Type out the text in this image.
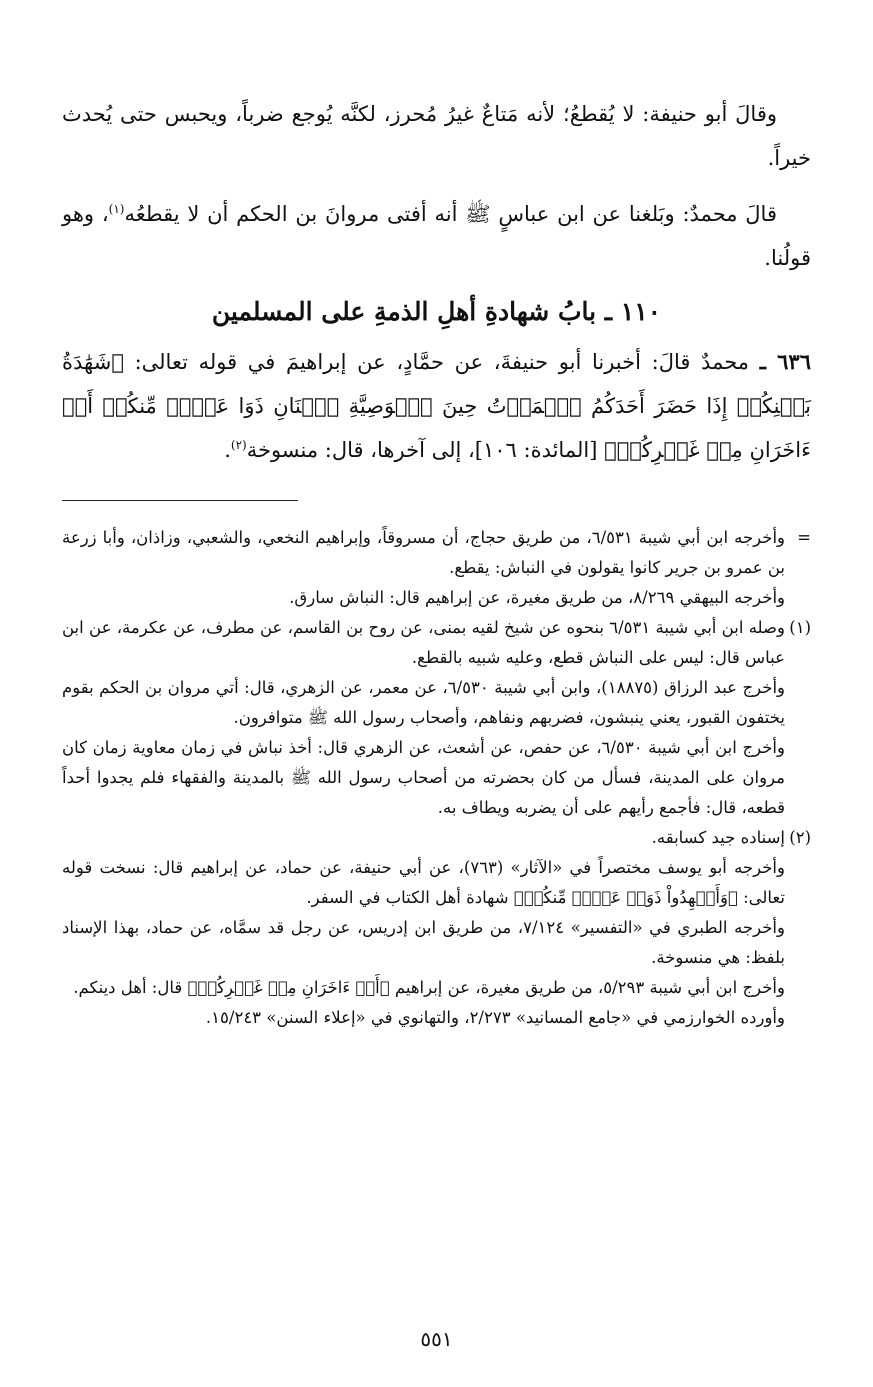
وقالَ أبو حنيفة: لا يُقطعُ؛ لأنه مَتاعٌ غيرُ مُحرز، لكنَّه يُوجع ضرباً، ويحبس حتى يُحدث خيراً.

قالَ محمدٌ: وبَلغنا عن ابن عباسٍ ﷺ أنه أفتى مروانَ بن الحكم أن لا يقطعُه$^{(١)}$، وهو قولُنا.

١١٠ ـ بابُ شهادةِ أهلِ الذمةِ على المسلمين

٦٣٦ ـ محمدٌ قالَ: أخبرنا أبو حنيفةَ، عن حمَّادٍ، عن إبراهيمَ في قوله تعالى: ﴿شَهَٰدَةُ بَيۡنِكُمۡ إِذَا حَضَرَ أَحَدَكُمُ ٱلۡمَوۡتُ حِينَ ٱلۡوَصِيَّةِ ٱثۡنَانِ ذَوَا عَدۡلٖ مِّنكُمۡ أَوۡ ءَاخَرَانِ مِنۡ غَيۡرِكُمۡ﴾ [المائدة: ١٠٦]، إلى آخرها، قال: منسوخة$^{(٢)}$.

=وأخرجه ابن أبي شيبة ٦/٥٣١، من طريق حجاج، أن مسروقاً، وإبراهيم النخعي، والشعبي، وزاذان، وأبا زرعة بن عمرو بن جرير كانوا يقولون في النباش: يقطع.

وأخرجه البيهقي ٨/٢٦٩، من طريق مغيرة، عن إبراهيم قال: النباش سارق.

(١)وصله ابن أبي شيبة ٦/٥٣١ بنحوه عن شيخ لقيه بمنى، عن روح بن القاسم، عن مطرف، عن عكرمة، عن ابن عباس قال: ليس على النباش قطع، وعليه شبيه بالقطع.

وأخرج عبد الرزاق (١٨٨٧٥)، وابن أبي شيبة ٦/٥٣٠، عن معمر، عن الزهري، قال: أتي مروان بن الحكم بقوم يختفون القبور، يعني ينبشون، فضربهم ونفاهم، وأصحاب رسول الله ﷺ متوافرون.

وأخرج ابن أبي شيبة ٦/٥٣٠، عن حفص، عن أشعث، عن الزهري قال: أخذ نباش في زمان معاوية زمان كان مروان على المدينة، فسأل من كان بحضرته من أصحاب رسول الله ﷺ بالمدينة والفقهاء فلم يجدوا أحداً قطعه، قال: فأجمع رأيهم على أن يضربه ويطاف به.

(٢)إسناده جيد كسابقه.

وأخرجه أبو يوسف مختصراً في «الآثار» (٧٦٣)، عن أبي حنيفة، عن حماد، عن إبراهيم قال: نسخت قوله تعالى: ﴿وَأَشۡهِدُواْ ذَوَيۡ عَدۡلٖ مِّنكُمۡ﴾ شهادة أهل الكتاب في السفر.

وأخرجه الطبري في «التفسير» ٧/١٢٤، من طريق ابن إدريس، عن رجل قد سمَّاه، عن حماد، بهذا الإسناد بلفظ: هي منسوخة.

وأخرج ابن أبي شيبة ٥/٢٩٣، من طريق مغيرة، عن إبراهيم ﴿أَوۡ ءَاخَرَانِ مِنۡ غَيۡرِكُمۡ﴾ قال: أهل دينكم.

وأورده الخوارزمي في «جامع المسانيد» ٢/٢٧٣، والتهانوي في «إعلاء السنن» ١٥/٢٤٣.

٥٥١
